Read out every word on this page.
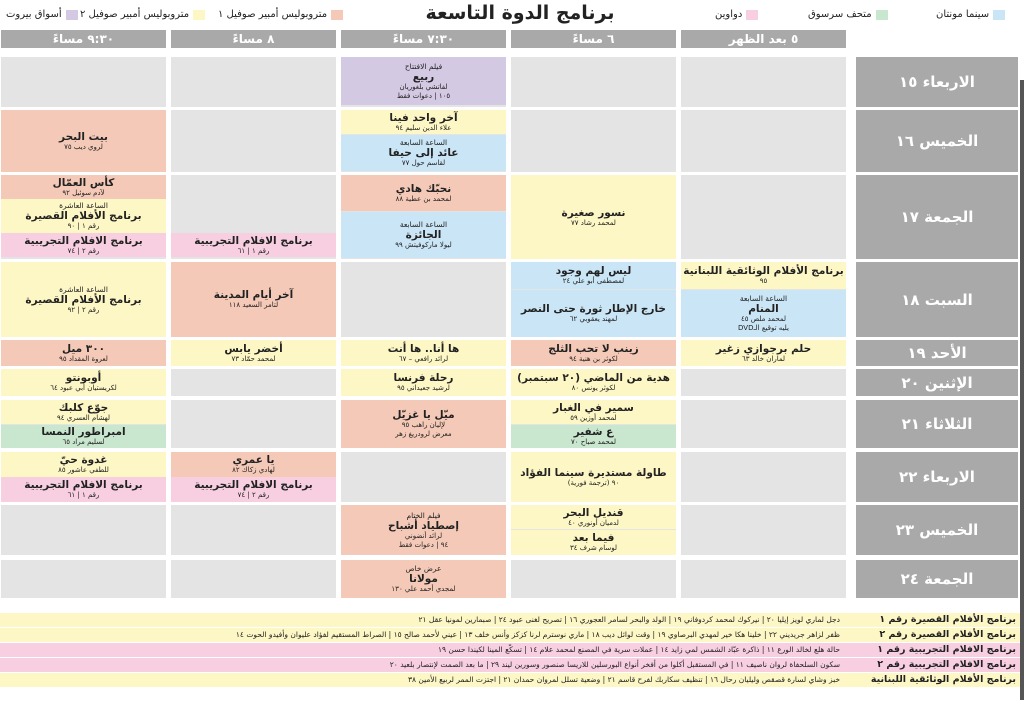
برنامج الدوة التاسعة	سينما مونتان
متحف سرسوق
دواوين
متروبوليس أمبير صوفيل ١
متروبوليس أمبير صوفيل ٢
أسواق بيروت
٥ بعد الظهر
٦ مساءً
٧:٣٠ مساءً
٨ مساءً
٩:٣٠ مساءً
الاربعاء ١٥
الخميس ١٦
الجمعة ١٧
السبت ١٨
الأحد ١٩
الإثنين ٢٠
الثلاثاء ٢١
الاربعاء ٢٢
الخميس ٢٣
الجمعة ٢٤
فيلم الافتتاح
ربيع
لفاتشي بلغوريان
١٠٥ | دعوات فقط
آخر واحد فينا
علاء الدين سليم ٩٤
الساعة السابعة
عائد إلى حيفا
لقاسم حول ٧٧
بيت البحر
لروي ديب ٧٥
كأس العمّال
لآدم سوئيل ٩٢
الساعة العاشرة
برنامج الأفلام القصيرة
رقم ١ | ٩٠
برنامج الافلام التجريبية
رقم ٢ | ٧٤
نحبّك هادي
لمحمد بن عطية ٨٨
الساعة السابعة
الجائزة
ليولا ماركوفيتش ٩٩
نسور صغيرة
لمحمد رشاد ٧٧
برنامج الافلام التجريبية
رقم ١ | ٦١
برنامج الأفلام الوثائقية اللبنانية
٩٥
الساعة السابعة
المنام
لمحمد ملص ٤٥
يليه توقيع الـDVD
ليس لهم وجود
لمصطفى أبو علي ٢٤
خارج الإطار ثورة حتى النصر
لمهند يعقوبي ٦٢
آخر أيام المدينة
لتامر السعيد ١١٨
الساعة العاشرة
برنامج الأفلام القصيرة
رقم ٢ | ٩٢
حلم برجوازي زغير
لماران خالد ٦٣
زينب لا تحب الثلج
لكوثر بن هنية ٩٤
ها أنا.. ها أنت
لرائد رافعي – ٦٧
أخضر يابس
لمحمد حمّاد ٧٣
٣٠٠ ميل
لعروة المقداد ٩٥
هدية من الماضي (٢٠ سبتمبر)
لكوثر يونس ٨٠
رحلة فرنسا
لرشيد جعيداني ٩٥
أوبونتو
لكريستيان أبي عبود ٦٤
سمير في الغبار
لمحمد أوزين ٥٩
ع شفير
لمحمد صباح ٧٠
ميّل يا غزيّل
لإليان راهب ٩٥
معرض لرودريغ زهر
جوّع كلبك
لهشام العسري ٩٤
امبراطور النمسا
لسليم مراد ٦٥
طاولة مستديرة سينما الفؤاد
٩٠ (ترجمة فورية)
يا عمري
لهادي زكاك ٨٢
برنامج الافلام التجريبية
رقم ٢ | ٧٤
غدوة حيّ
للطفي عاشور ٨٥
برنامج الافلام التجريبية
رقم ١ | ٦١
قنديل البحر
لدميان أونوري ٤٠
فيما بعد
لوسام شرف ٣٤
فيلم الختام
إصطياد أشباح
لرائد أنضوني
٩٤ | دعوات فقط
عرض خاص
مولانا
لمجدي أحمد علي ١٣٠
برنامج الأفلام القصيرة رقم ١
دجل لماري لويز إيليا ٢٠ | نيركوك لمحمد كردوفاني ١٩ | الولد والبحر لسامر العجوري ١٦ | تصريح لغنى عبود ٢٤ | صبمارين لمونيا عقل ٢١
برنامج الأفلام القصيرة رقم ٢
ظفر لزاهر جريديني ٢٢ | خلينا هكا خير لمهدي البرصاوي ١٩ | وقت لوائل ديب ١٨ | ماري نوسترم لرنا كزكز وأنس خلف ١٣ | عيني لأحمد صالح ١٥ | الصراط المستقيم لفؤاد عليوان وأفيدو الحوت ١٤
برنامج الافلام التجريبية رقم ١
حالة هلع لخالد الورع ١١ | ذاكرة عبّاد الشمس لمي زايد ١٤ | عملات سرية في المصنع لمحمد علام ١٤ | تسكّع المينا لكيندا حسن ١٩
برنامج الافلام التجريبية رقم ٢
سكون السلحفاة لروان ناصيف ١١ | في المستقبل أكلوا من أفخر أنواع البورسلين للاريسا صنصور وسورين ليند ٢٩ | ما بعد الصمت لإنتصار بلعيد ٢٠
برنامج الأفلام الوثائقية اللبنانية
خبز وشاي لسارة قصقص وليليان رحال ١٦ | تنظيف سكاربك لفرح قاسم ٢١ | وضعية تسلل لمروان حمدان ٢١ | اجتزت الممر لربيع الأمين ٣٨
